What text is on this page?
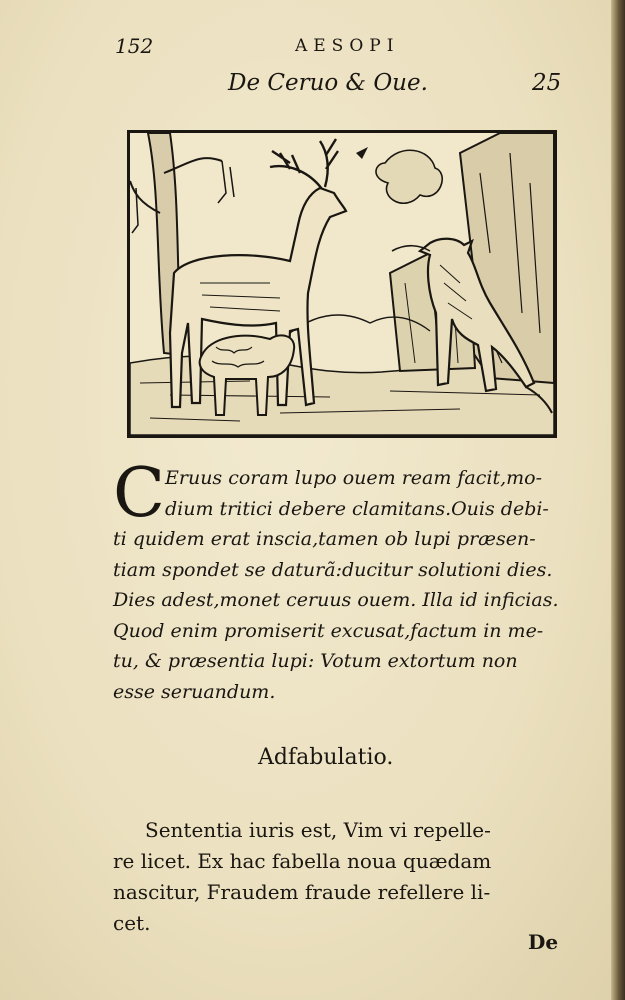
152	AESOPI
De Ceruo & Oue.	25
C Eruus coram lupo ouem ream facit,mo-
dium tritici debere clamitans.Ouis debi-
ti quidem erat inscia,tamen ob lupi præsen-
tiam spondet se daturã:ducitur solutioni dies.
Dies adest,monet ceruus ouem. Illa id inficias.
Quod enim promiserit excusat,factum in me-
tu, & præsentia lupi: Votum extortum non
esse seruandum.
Adfabulatio.
Sententia iuris est, Vim vi repelle-
re licet. Ex hac fabella noua quædam
nascitur, Fraudem fraude refellere li-
cet.
De
